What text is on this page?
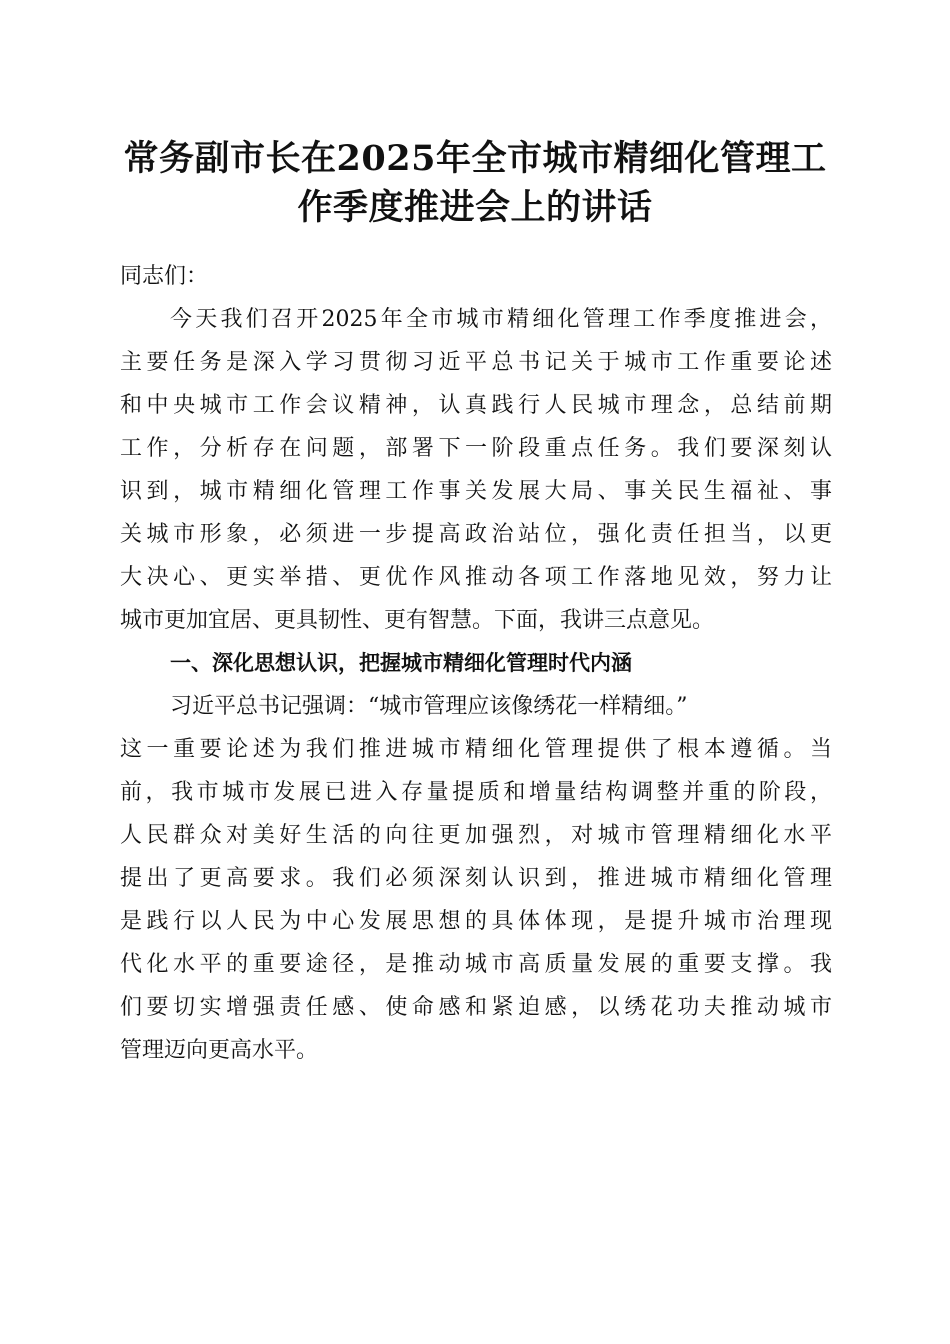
常务副市长在2025年全市城市精细化管理工
作季度推进会上的讲话

同志们：

今天我们召开2025年全市城市精细化管理工作季度推进会，
主要任务是深入学习贯彻习近平总书记关于城市工作重要论述
和中央城市工作会议精神，认真践行人民城市理念，总结前期
工作，分析存在问题，部署下一阶段重点任务。我们要深刻认
识到，城市精细化管理工作事关发展大局、事关民生福祉、事
关城市形象，必须进一步提高政治站位，强化责任担当，以更
大决心、更实举措、更优作风推动各项工作落地见效，努力让
城市更加宜居、更具韧性、更有智慧。下面，我讲三点意见。

一、深化思想认识，把握城市精细化管理时代内涵

习近平总书记强调：“城市管理应该像绣花一样精细。”
这一重要论述为我们推进城市精细化管理提供了根本遵循。当
前，我市城市发展已进入存量提质和增量结构调整并重的阶段，
人民群众对美好生活的向往更加强烈，对城市管理精细化水平
提出了更高要求。我们必须深刻认识到，推进城市精细化管理
是践行以人民为中心发展思想的具体体现，是提升城市治理现
代化水平的重要途径，是推动城市高质量发展的重要支撑。我
们要切实增强责任感、使命感和紧迫感，以绣花功夫推动城市
管理迈向更高水平。
